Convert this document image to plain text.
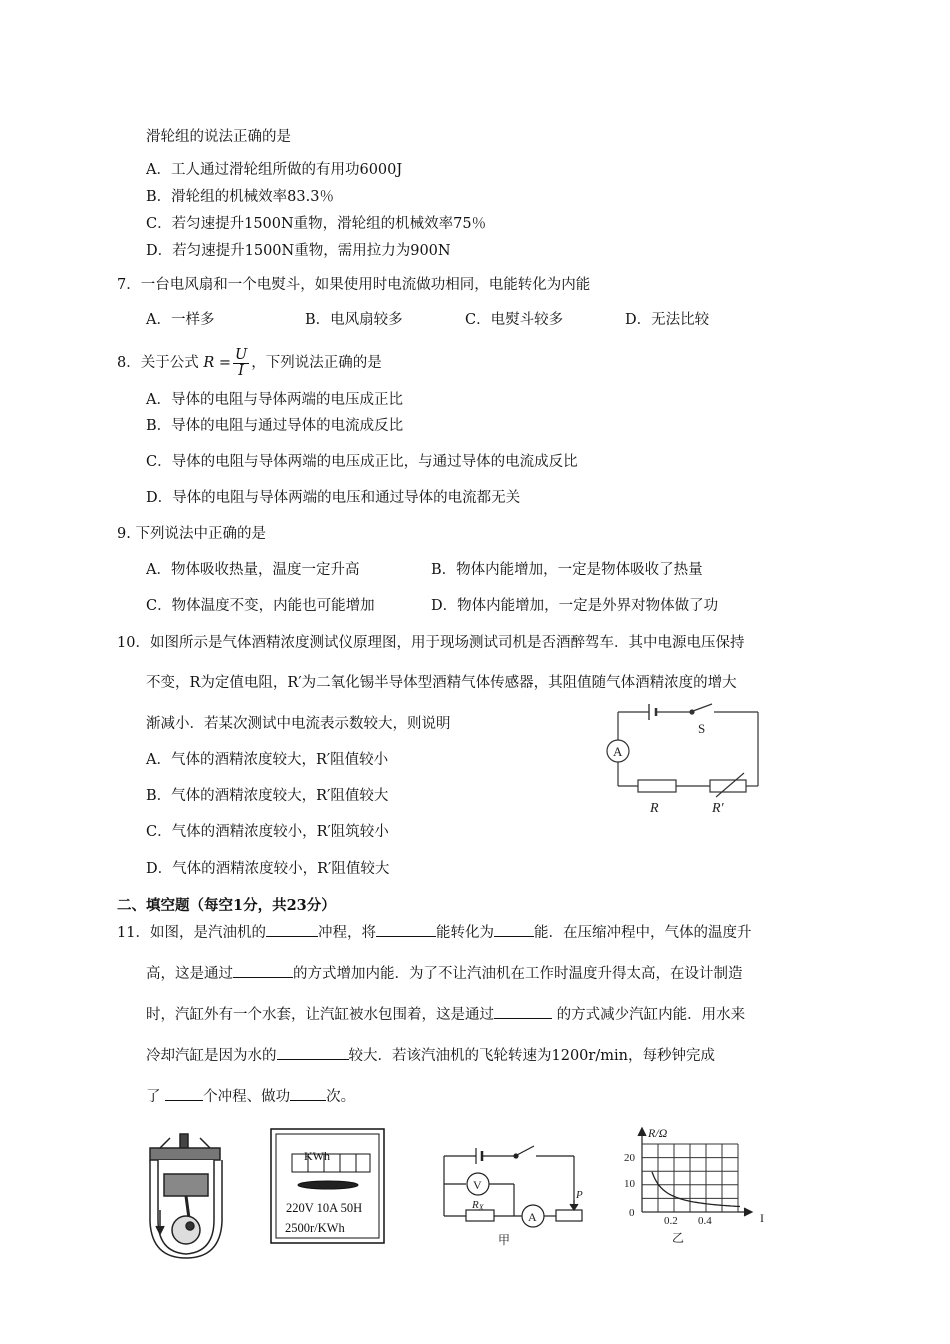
滑轮组的说法正确的是
A．工人通过滑轮组所做的有用功6000J
B．滑轮组的机械效率83.3％
C．若匀速提升1500N重物，滑轮组的机械效率75％
D．若匀速提升1500N重物，需用拉力为900N
7．一台电风扇和一个电熨斗，如果使用时电流做功相同，电能转化为内能
A．一样多	B．电风扇较多	C．电熨斗较多	D．无法比较
8．关于公式 $R = \frac{U}{I}$ ，下列说法正确的是
A．导体的电阻与导体两端的电压成正比
B．导体的电阻与通过导体的电流成反比
C．导体的电阻与导体两端的电压成正比，与通过导体的电流成反比
D．导体的电阻与导体两端的电压和通过导体的电流都无关
9. 下列说法中正确的是
A．物体吸收热量，温度一定升高	B．物体内能增加，一定是物体吸收了热量
C．物体温度不变，内能也可能增加	D．物体内能增加，一定是外界对物体做了功
10．如图所示是气体酒精浓度测试仪原理图，用于现场测试司机是否酒醉驾车．其中电源电压保持
不变，R为定值电阻，R′为二氧化锡半导体型酒精气体传感器，其阻值随气体酒精浓度的增大
渐减小．若某次测试中电流表示数较大，则说明
A．气体的酒精浓度较大，R′阻值较小
B．气体的酒精浓度较大，R′阻值较大
C．气体的酒精浓度较小，R′阻筑较小
D．气体的酒精浓度较小，R′阻值较大
A
S
R	R′
二、填空题（每空1分，共23分）
11．如图，是汽油机的	冲程，将	能转化为	能．在压缩冲程中，气体的温度升
高，这是通过	的方式增加内能．为了不让汽油机在工作时温度升得太高，在设计制造
时，汽缸外有一个水套，让汽缸被水包围着，这是通过	的方式减少汽缸内能．用水来
冷却汽缸是因为水的	较大．若该汽油机的飞轮转速为1200r/min，每秒钟完成
了	个冲程、做功 次。
KWh
220V 10A 50H
2500r/KWh
V
A
RX
P
甲
R/Ω
20
10
0
0.2 0.4	I
乙
